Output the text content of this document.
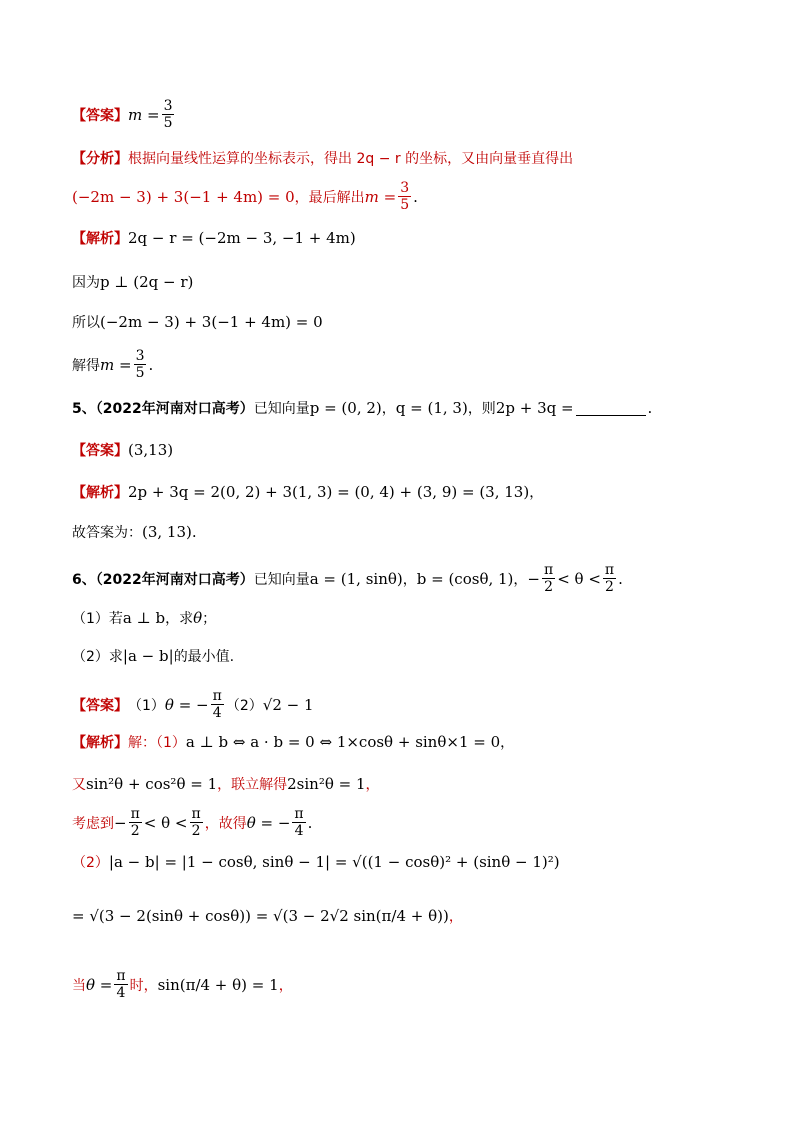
【答案】 $m = \frac{3}{5}$
【分析】 根据向量线性运算的坐标表示，得出 2q − r 的坐标，又由向量垂直得出
(−2m − 3) + 3(−1 + 4m) = 0 ，最后解出 $m = \frac{3}{5}$ .
【解析】 2q − r = (−2m − 3, −1 + 4m)
因为 p ⊥ (2q − r)
所以 (−2m − 3) + 3(−1 + 4m) = 0
解得 $m = \frac{3}{5}$ .
5、（2022年河南对口高考） 已知向量 p = (0, 2) ， q = (1, 3) ，则 2p + 3q =	.
【答案】 (3,13)
【解析】 2p + 3q = 2(0, 2) + 3(1, 3) = (0, 4) + (3, 9) = (3, 13) ，
故答案为： (3, 13) .
6、（2022年河南对口高考） 已知向量 a = (1, sinθ) ， b = (cosθ, 1) ， − $\frac{\pi}{2} < \theta < \frac{\pi}{2}$ .
（1）若 a ⊥ b ，求 θ ；
（2）求 |a − b| 的最小值.
【答案】 （1） θ = − $\frac{\pi}{4} (2) √2 - 1$
【解析】 解：（1） a ⊥ b ⇔ a · b = 0 ⇔ 1×cosθ + sinθ×1 = 0 ，
又 sin²θ + cos²θ = 1 ，联立解得 2sin²θ = 1 ，
考虑到 − $\frac{\pi}{2} < \theta < \frac{\pi}{2}$ ，故得 θ = − $\frac{\pi}{4}$ .
（2） |a − b| = |1 − cosθ, sinθ − 1| = √((1 − cosθ)² + (sinθ − 1)²)
= √(3 − 2(sinθ + cosθ)) = √(3 − 2√2 sin(π/4 + θ)) ，
当 $\theta = \frac{\pi}{4}$ 时， sin(π/4 + θ) = 1 ，
